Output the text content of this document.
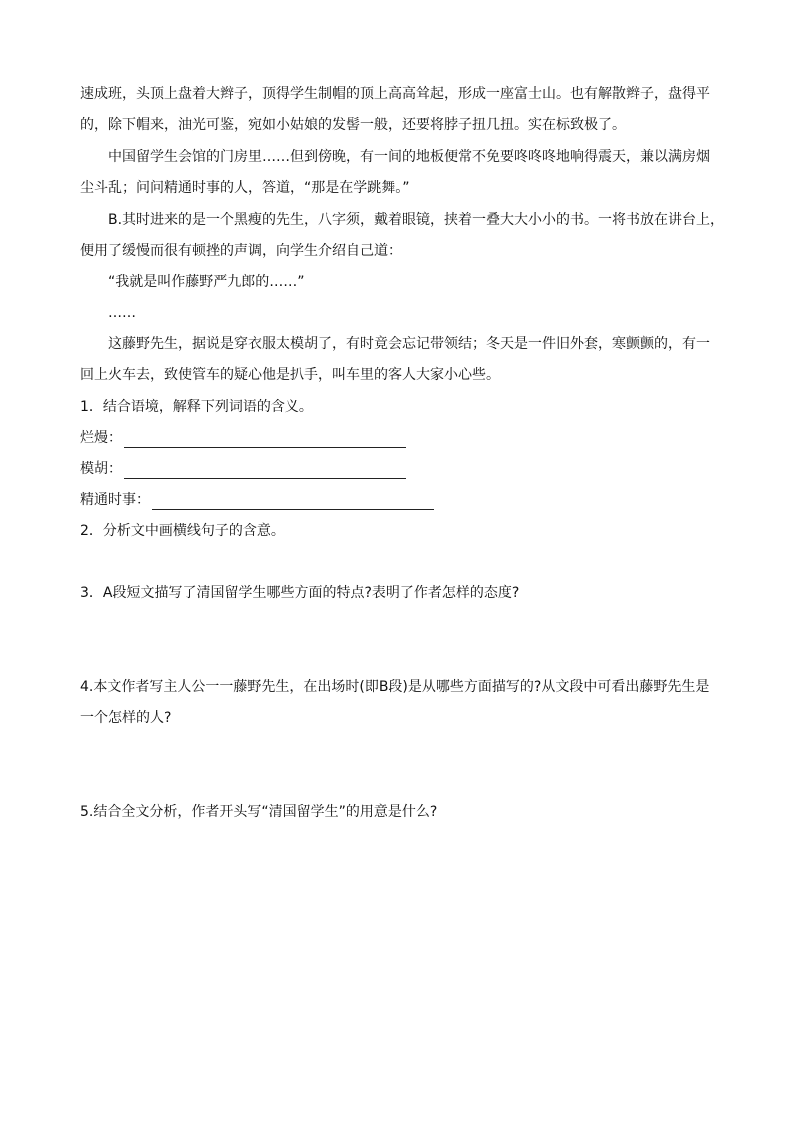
速成班，头顶上盘着大辫子，顶得学生制帽的顶上高高耸起，形成一座富士山。也有解散辫子，盘得平
的，除下帽来，油光可鉴，宛如小姑娘的发髻一般，还要将脖子扭几扭。实在标致极了。
中国留学生会馆的门房里……但到傍晚，有一间的地板便常不免要咚咚咚地响得震天，兼以满房烟
尘斗乱；问问精通时事的人，答道，“那是在学跳舞。”
B.其时进来的是一个黑瘦的先生，八字须，戴着眼镜，挟着一叠大大小小的书。一将书放在讲台上，
便用了缓慢而很有顿挫的声调，向学生介绍自己道：
“我就是叫作藤野严九郎的……”
……
这藤野先生，据说是穿衣服太模胡了，有时竟会忘记带领结；冬天是一件旧外套，寒颤颤的，有一
回上火车去，致使管车的疑心他是扒手，叫车里的客人大家小心些。
1．结合语境，解释下列词语的含义。
烂熳：
模胡：
精通时事：
2．分析文中画横线句子的含意。
3．A段短文描写了清国留学生哪些方面的特点?表明了作者怎样的态度?
4.本文作者写主人公一一藤野先生，在出场时(即B段)是从哪些方面描写的?从文段中可看出藤野先生是
一个怎样的人?
5.结合全文分析，作者开头写“清国留学生”的用意是什么?
